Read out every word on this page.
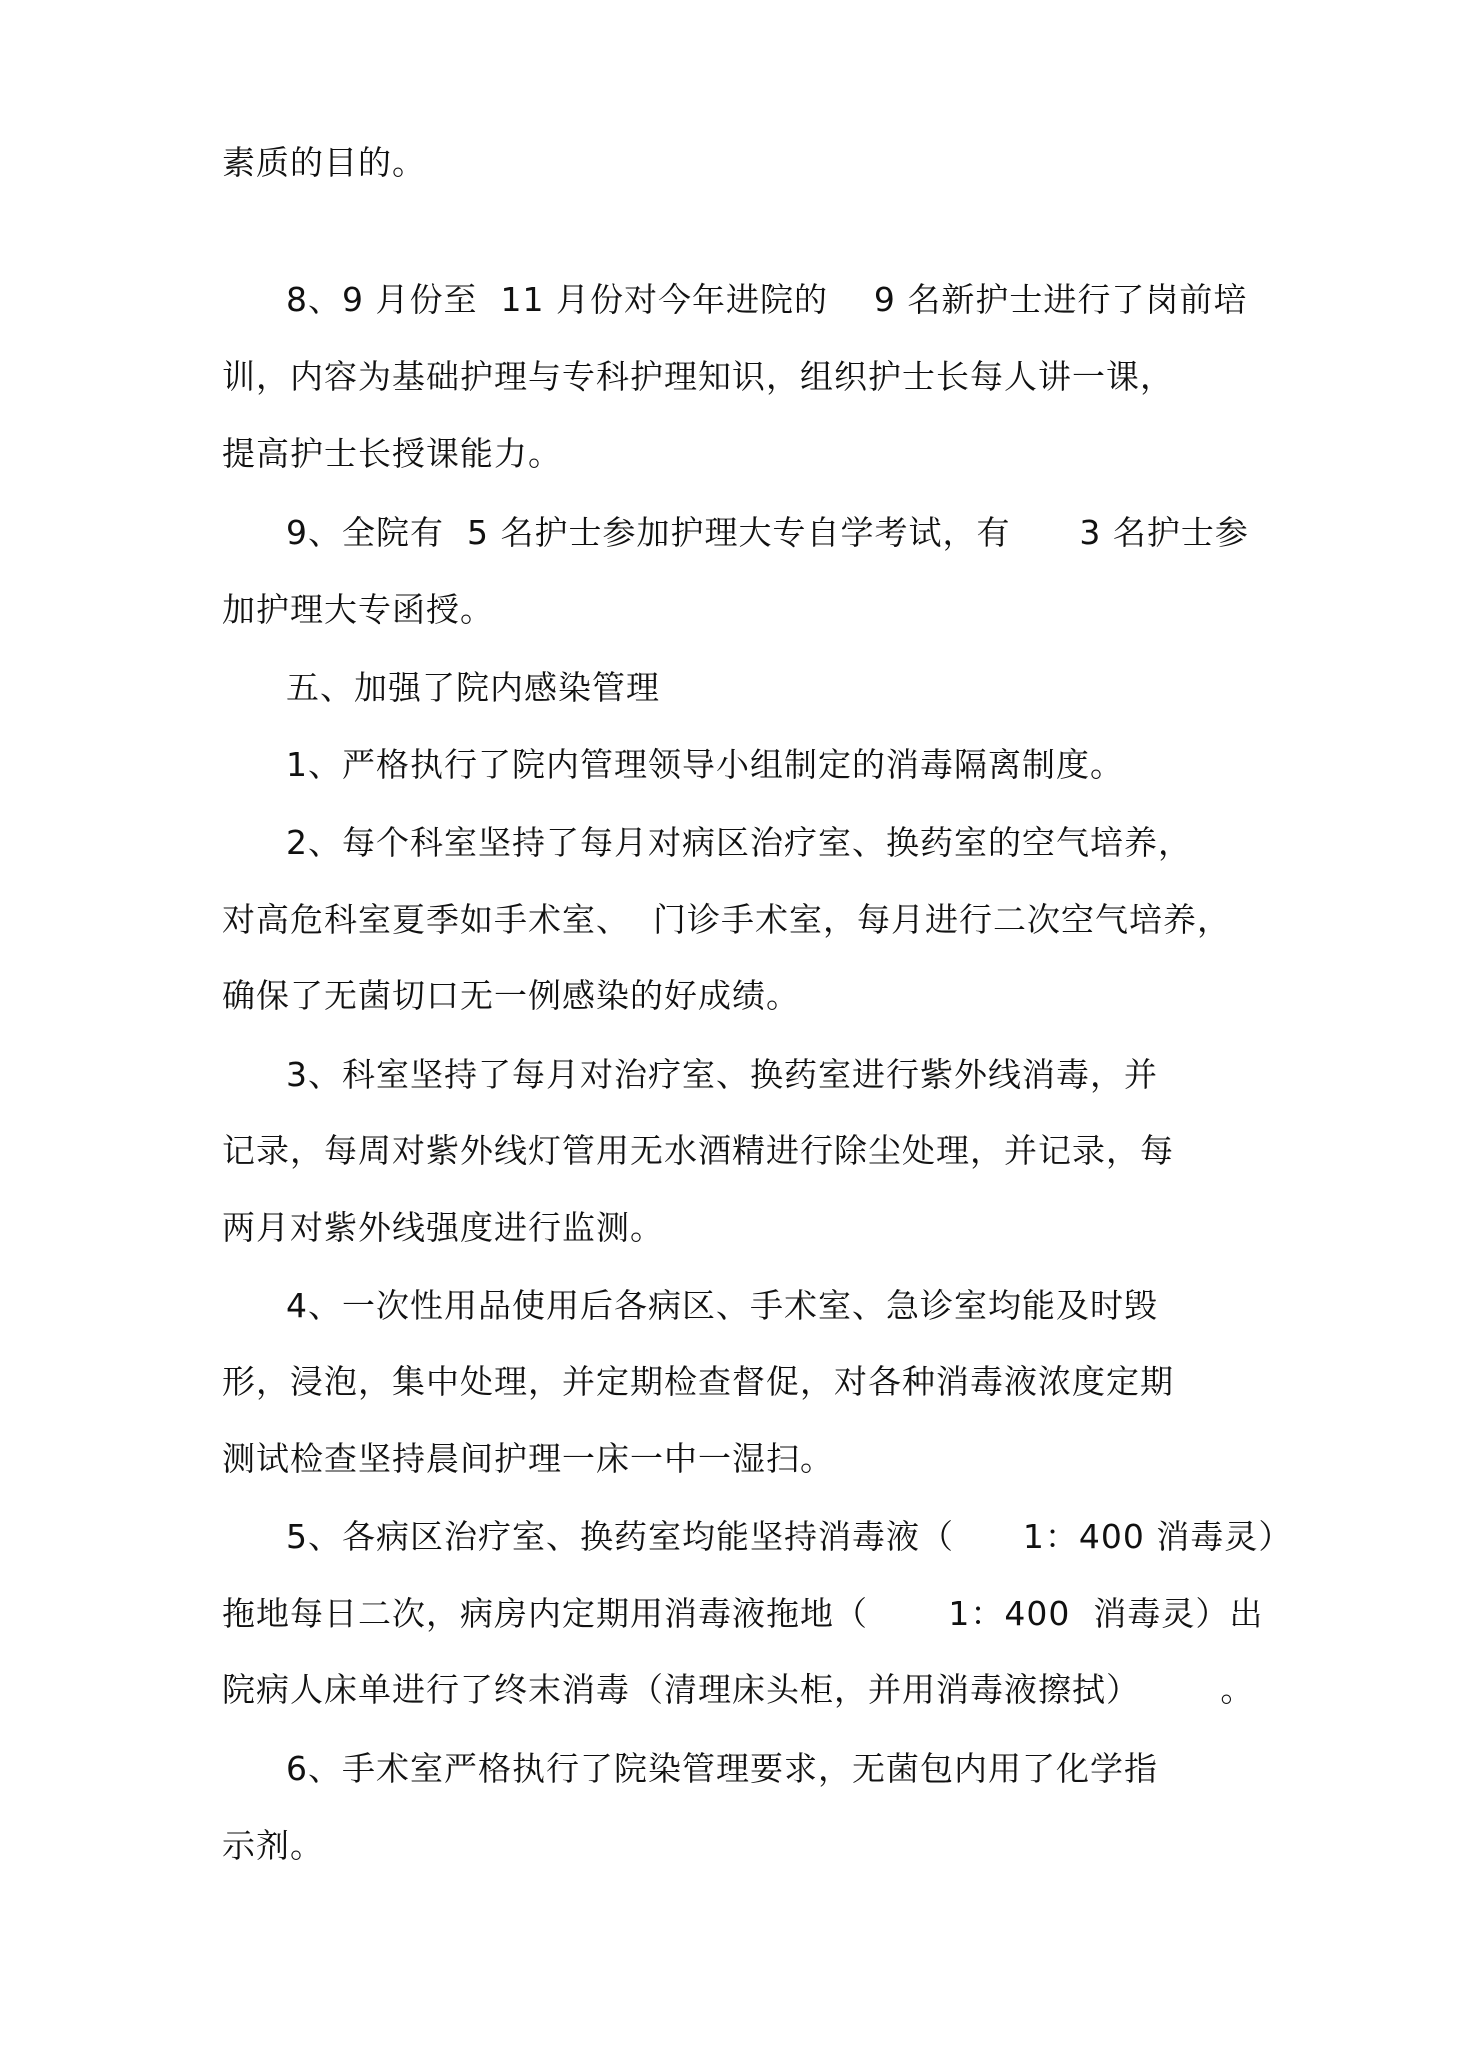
素质的目的。
8、9 月份至  11 月份对今年进院的    9 名新护士进行了岗前培
训，内容为基础护理与专科护理知识，组织护士长每人讲一课，
提高护士长授课能力。
9、全院有  5 名护士参加护理大专自学考试，有      3 名护士参
加护理大专函授。
五、加强了院内感染管理
1、严格执行了院内管理领导小组制定的消毒隔离制度。
2、每个科室坚持了每月对病区治疗室、换药室的空气培养，
对高危科室夏季如手术室、  门诊手术室，每月进行二次空气培养，
确保了无菌切口无一例感染的好成绩。
3、科室坚持了每月对治疗室、换药室进行紫外线消毒，并
记录，每周对紫外线灯管用无水酒精进行除尘处理，并记录，每
两月对紫外线强度进行监测。
4、一次性用品使用后各病区、手术室、急诊室均能及时毁
形，浸泡，集中处理，并定期检查督促，对各种消毒液浓度定期
测试检查坚持晨间护理一床一中一湿扫。
5、各病区治疗室、换药室均能坚持消毒液（      1：400 消毒灵）
拖地每日二次，病房内定期用消毒液拖地（       1：400  消毒灵）出
院病人床单进行了终末消毒（清理床头柜，并用消毒液擦拭）       。
6、手术室严格执行了院染管理要求，无菌包内用了化学指
示剂。
